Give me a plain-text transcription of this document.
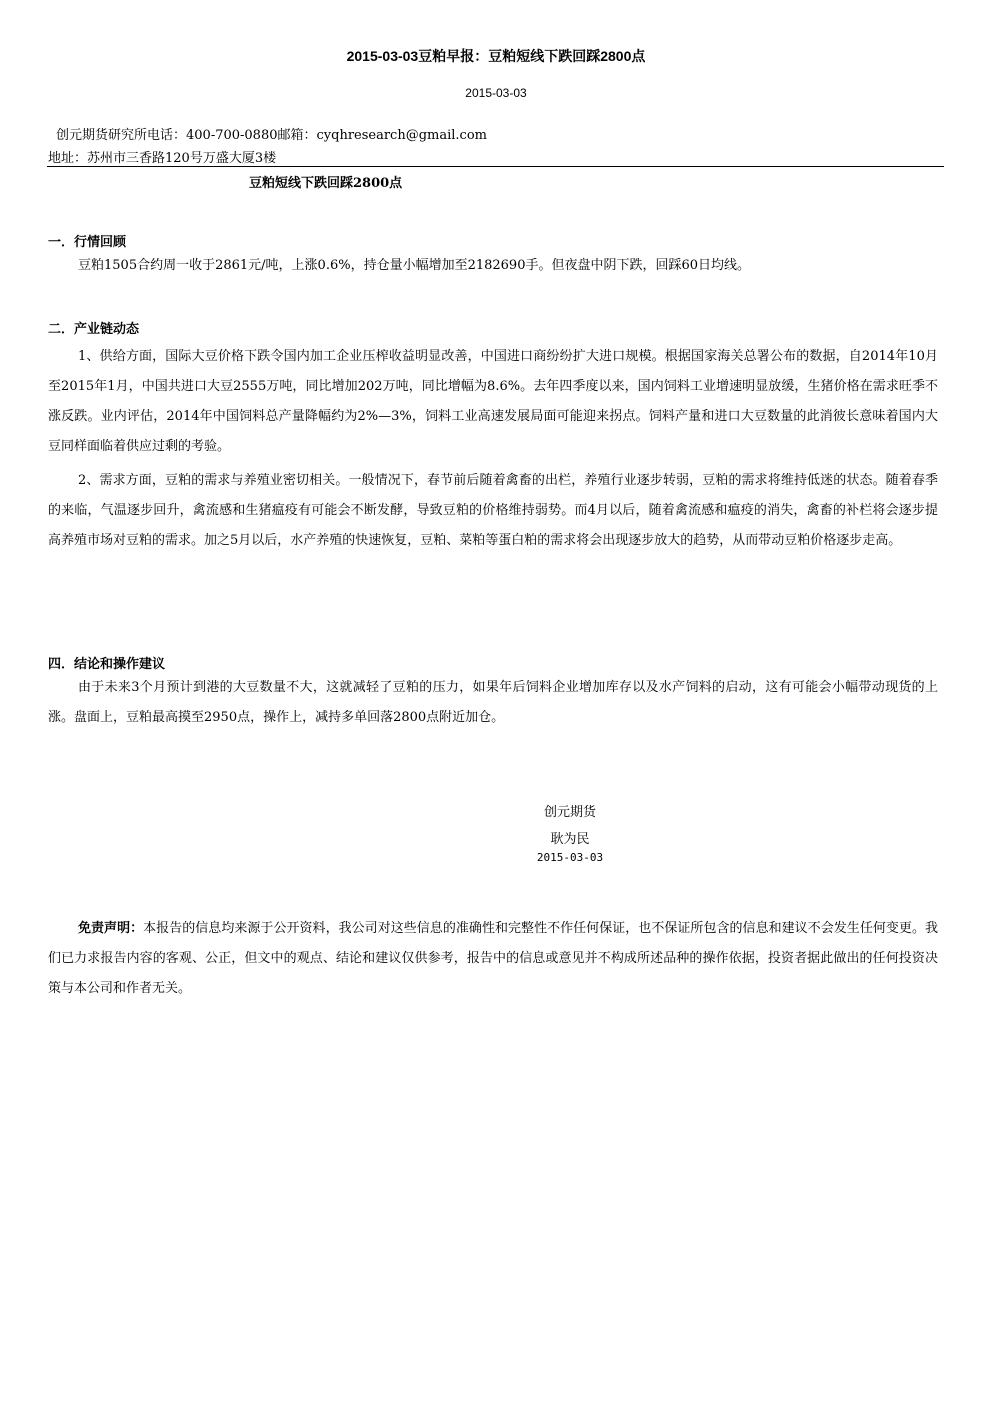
2015-03-03豆粕早报：豆粕短线下跌回踩2800点
2015-03-03
创元期货研究所电话：400-700-0880邮箱：cyqhresearch@gmail.com
地址：苏州市三香路120号万盛大厦3楼
豆粕短线下跌回踩2800点
一．行情回顾
豆粕1505合约周一收于2861元/吨，上涨0.6%，持仓量小幅增加至2182690手。但夜盘中阴下跌，回踩60日均线。
二．产业链动态
1、供给方面，国际大豆价格下跌令国内加工企业压榨收益明显改善，中国进口商纷纷扩大进口规模。根据国家海关总署公布的数据，自2014年10月至2015年1月，中国共进口大豆2555万吨，同比增加202万吨，同比增幅为8.6%。去年四季度以来，国内饲料工业增速明显放缓，生猪价格在需求旺季不涨反跌。业内评估，2014年中国饲料总产量降幅约为2%—3%，饲料工业高速发展局面可能迎来拐点。饲料产量和进口大豆数量的此消彼长意味着国内大豆同样面临着供应过剩的考验。
2、需求方面，豆粕的需求与养殖业密切相关。一般情况下，春节前后随着禽畜的出栏，养殖行业逐步转弱，豆粕的需求将维持低迷的状态。随着春季的来临，气温逐步回升，禽流感和生猪瘟疫有可能会不断发酵，导致豆粕的价格维持弱势。而4月以后，随着禽流感和瘟疫的消失，禽畜的补栏将会逐步提高养殖市场对豆粕的需求。加之5月以后，水产养殖的快速恢复，豆粕、菜粕等蛋白粕的需求将会出现逐步放大的趋势，从而带动豆粕价格逐步走高。
四．结论和操作建议
由于未来3个月预计到港的大豆数量不大，这就减轻了豆粕的压力，如果年后饲料企业增加库存以及水产饲料的启动，这有可能会小幅带动现货的上涨。盘面上，豆粕最高摸至2950点，操作上，减持多单回落2800点附近加仓。
创元期货
耿为民
2015-03-03
免责声明：本报告的信息均来源于公开资料，我公司对这些信息的准确性和完整性不作任何保证，也不保证所包含的信息和建议不会发生任何变更。我们已力求报告内容的客观、公正，但文中的观点、结论和建议仅供参考，报告中的信息或意见并不构成所述品种的操作依据，投资者据此做出的任何投资决策与本公司和作者无关。
